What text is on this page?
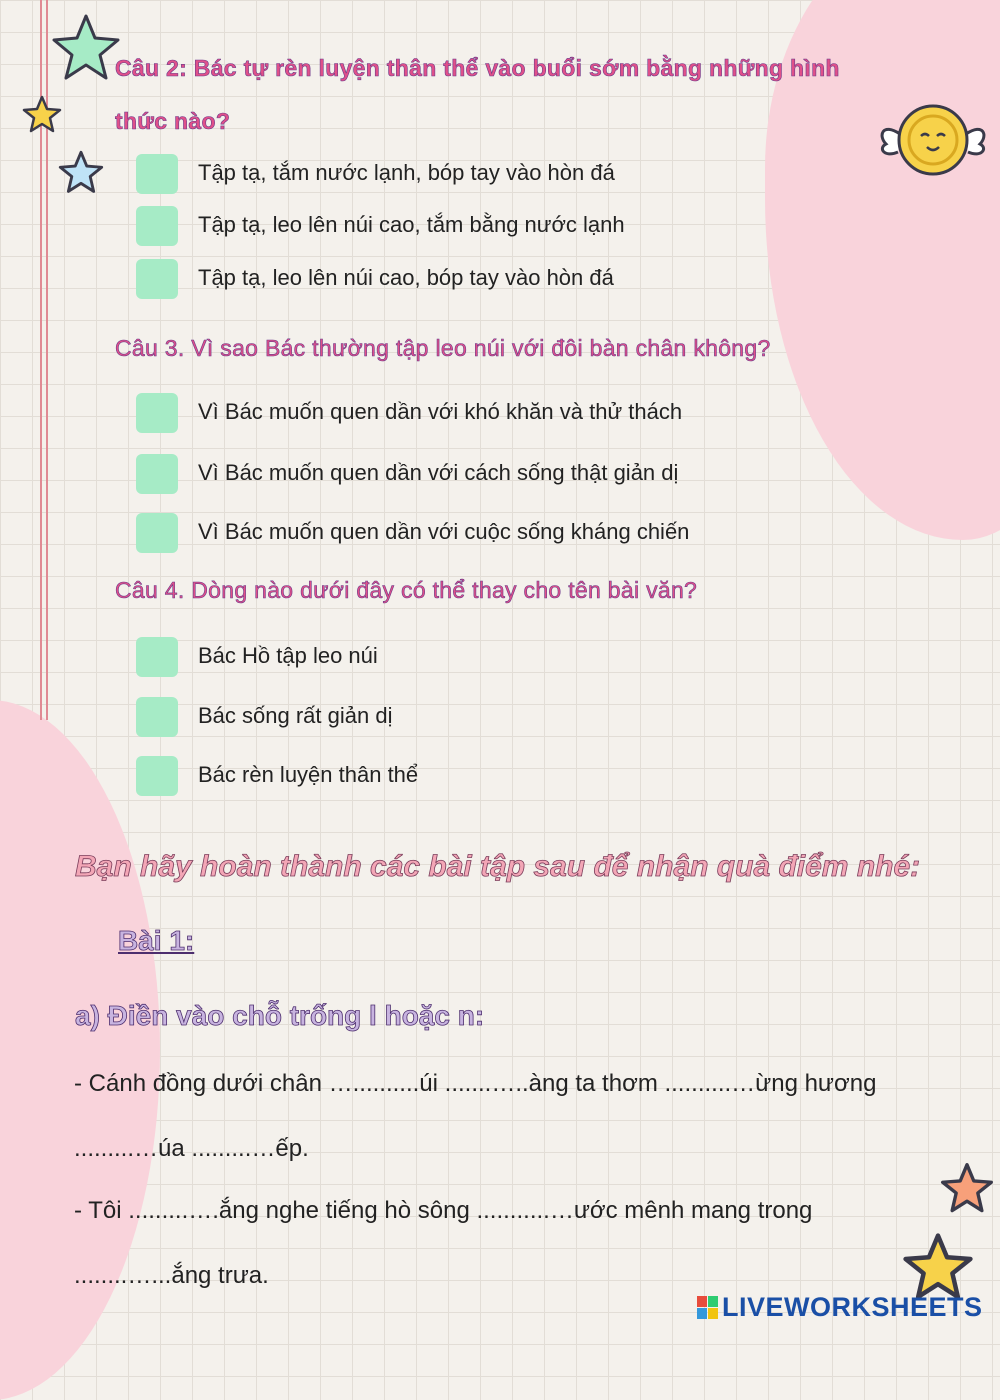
Câu 2: Bác tự rèn luyện thân thể vào buổi sớm bằng những hình

thức nào?

Tập tạ, tắm nước lạnh, bóp tay vào hòn đá
Tập tạ, leo lên núi cao, tắm bằng nước lạnh
Tập tạ, leo lên núi cao, bóp tay vào hòn đá

Câu 3. Vì sao Bác thường tập leo núi với đôi bàn chân không?

Vì Bác muốn quen dần với khó khăn và thử thách
Vì Bác muốn quen dần với cách sống thật giản dị
Vì Bác muốn quen dần với cuộc sống kháng chiến

Câu 4. Dòng nào dưới đây có thể thay cho tên bài văn?

Bác Hồ tập leo núi
Bác sống rất giản dị
Bác rèn luyện thân thể

Bạn hãy hoàn thành các bài tập sau để nhận quà điểm nhé:

Bài 1:

a) Điền vào chỗ trống l hoặc n:

- Cánh đồng dưới chân …..........úi .......…..àng ta thơm ..........…ừng hương
.........…úa .........…ếp.
- Tôi .........….ắng nghe tiếng hò sông ...........…ước mênh mang trong
........…...ắng trưa.
LIVEWORKSHEETS
